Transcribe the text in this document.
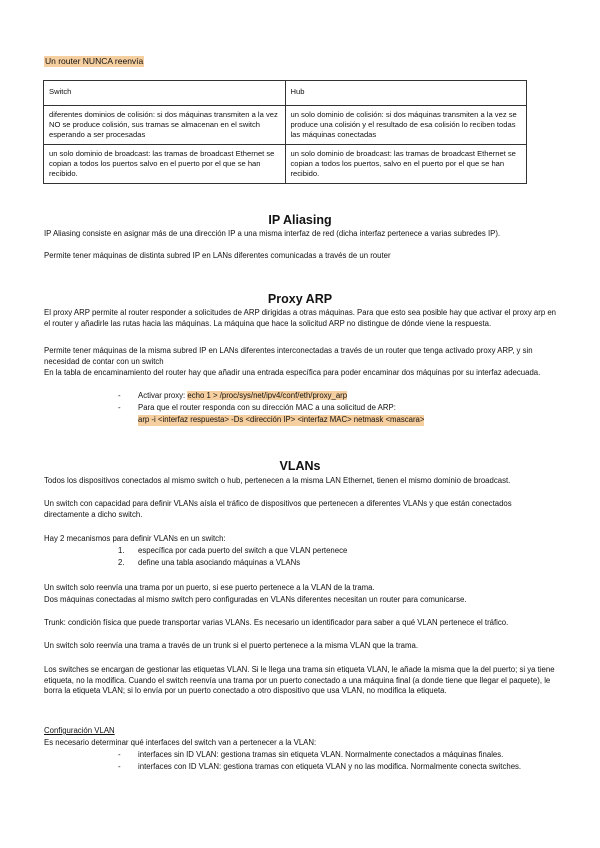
Un router NUNCA reenvía
Switch	Hub
diferentes dominios de colisión: si dos máquinas transmiten a la vez NO se produce colisión, sus tramas se almacenan en el switch esperando a ser procesadas	un solo dominio de colisión: si dos máquinas transmiten a la vez se produce una colisión y el resultado de esa colisión lo reciben todas las máquinas conectadas
un solo dominio de broadcast: las tramas de broadcast Ethernet se copian a todos los puertos salvo en el puerto por el que se han recibido.	un solo dominio de broadcast: las tramas de broadcast Ethernet se copian a todos los puertos, salvo en el puerto por el que se han recibido.
IP Aliasing

IP Aliasing consiste en asignar más de una dirección IP a una misma interfaz de red (dicha interfaz pertenece a varias subredes IP).

Permite tener máquinas de distinta subred IP en LANs diferentes comunicadas a través de un router

Proxy ARP

El proxy ARP permite al router responder a solicitudes de ARP dirigidas a otras máquinas. Para que esto sea posible hay que activar el proxy arp en el router y añadirle las rutas hacia las máquinas. La máquina que hace la solicitud ARP no distingue de dónde viene la respuesta.

Permite tener máquinas de la misma subred IP en LANs diferentes interconectadas a través de un router que tenga activado proxy ARP, y sin necesidad de contar con un switch

En la tabla de encaminamiento del router hay que añadir una entrada específica para poder encaminar dos máquinas por su interfaz adecuada.

- Activar proxy: echo 1 > /proc/sys/net/ipv4/conf/eth/proxy_arp
- Para que el router responda con su dirección MAC a una solicitud de ARP:
arp -i <interfaz respuesta> -Ds <dirección IP> <interfaz MAC> netmask <mascara>
VLANs

Todos los dispositivos conectados al mismo switch o hub, pertenecen a la misma LAN Ethernet, tienen el mismo dominio de broadcast.

Un switch con capacidad para definir VLANs aísla el tráfico de dispositivos que pertenecen a diferentes VLANs y que están conectados directamente a dicho switch.

Hay 2 mecanismos para definir VLANs en un switch:

1. específica por cada puerto del switch a que VLAN pertenece
2. define una tabla asociando máquinas a VLANs

Un switch solo reenvía una trama por un puerto, si ese puerto pertenece a la VLAN de la trama.

Dos máquinas conectadas al mismo switch pero configuradas en VLANs diferentes necesitan un router para comunicarse.

Trunk: condición física que puede transportar varias VLANs. Es necesario un identificador para saber a qué VLAN pertenece el tráfico.

Un switch solo reenvía una trama a través de un trunk si el puerto pertenece a la misma VLAN que la trama.

Los switches se encargan de gestionar las etiquetas VLAN. Si le llega una trama sin etiqueta VLAN, le añade la misma que la del puerto; si ya tiene etiqueta, no la modifica. Cuando el switch reenvía una trama por un puerto conectado a una máquina final (a donde tiene que llegar el paquete), le borra la etiqueta VLAN; si lo envía por un puerto conectado a otro dispositivo que usa VLAN, no modifica la etiqueta.

Configuración VLAN

Es necesario determinar qué interfaces del switch van a pertenecer a la VLAN:

- interfaces sin ID VLAN: gestiona tramas sin etiqueta VLAN. Normalmente conectados a máquinas finales.
- interfaces con ID VLAN: gestiona tramas con etiqueta VLAN y no las modifica. Normalmente conecta switches.
